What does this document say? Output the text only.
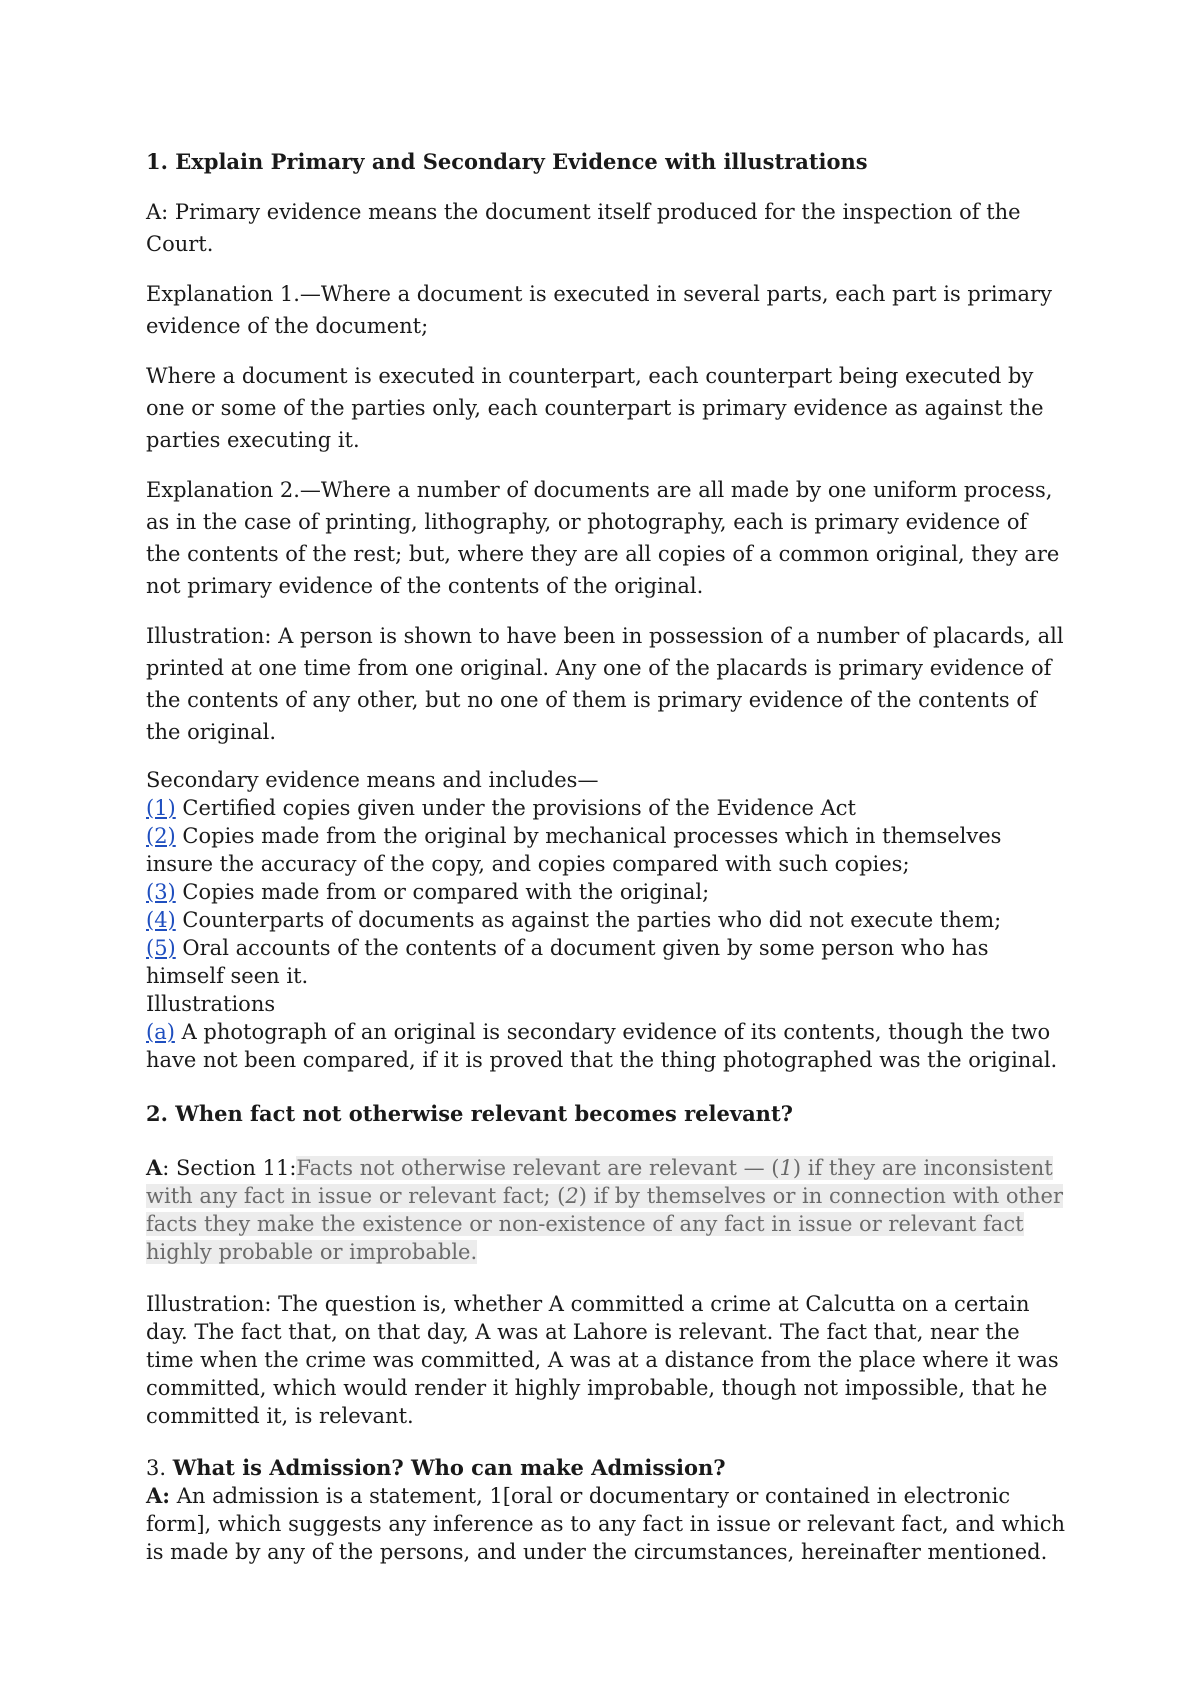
1. Explain Primary and Secondary Evidence with illustrations

A: Primary evidence means the document itself produced for the inspection of the Court.

Explanation 1.—Where a document is executed in several parts, each part is primary evidence of the document;

Where a document is executed in counterpart, each counterpart being executed by one or some of the parties only, each counterpart is primary evidence as against the parties executing it.

Explanation 2.—Where a number of documents are all made by one uniform process, as in the case of printing, lithography, or photography, each is primary evidence of the contents of the rest; but, where they are all copies of a common original, they are not primary evidence of the contents of the original.

Illustration: A person is shown to have been in possession of a number of placards, all printed at one time from one original. Any one of the placards is primary evidence of the contents of any other, but no one of them is primary evidence of the contents of the original.

Secondary evidence means and includes—
(1) Certified copies given under the provisions of the Evidence Act
(2) Copies made from the original by mechanical processes which in themselves insure the accuracy of the copy, and copies compared with such copies;
(3) Copies made from or compared with the original;
(4) Counterparts of documents as against the parties who did not execute them;
(5) Oral accounts of the contents of a document given by some person who has himself seen it.
Illustrations
(a) A photograph of an original is secondary evidence of its contents, though the two have not been compared, if it is proved that the thing photographed was the original.

2. When fact not otherwise relevant becomes relevant?

A: Section 11:Facts not otherwise relevant are relevant — (1) if they are inconsistent with any fact in issue or relevant fact; (2) if by themselves or in connection with other facts they make the existence or non-existence of any fact in issue or relevant fact highly probable or improbable.

Illustration: The question is, whether A committed a crime at Calcutta on a certain day. The fact that, on that day, A was at Lahore is relevant. The fact that, near the time when the crime was committed, A was at a distance from the place where it was committed, which would render it highly improbable, though not impossible, that he committed it, is relevant.

3. What is Admission? Who can make Admission?

A: An admission is a statement, 1[oral or documentary or contained in electronic form], which suggests any inference as to any fact in issue or relevant fact, and which is made by any of the persons, and under the circumstances, hereinafter mentioned.
